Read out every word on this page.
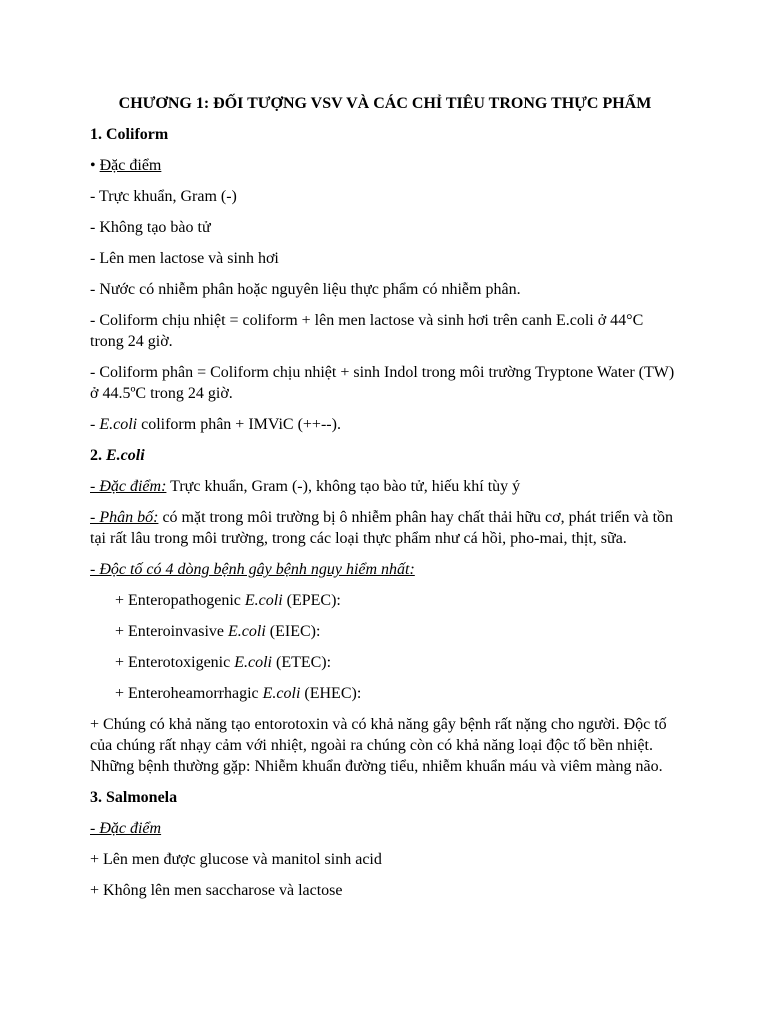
CHƯƠNG 1: ĐỐI TƯỢNG VSV VÀ CÁC CHỈ TIÊU TRONG THỰC PHẨM
1. Coliform
• Đặc điểm
- Trực khuẩn, Gram (-)
- Không tạo bào tử
- Lên men lactose và sinh hơi
- Nước có nhiễm phân hoặc nguyên liệu thực phẩm có nhiễm phân.
- Coliform chịu nhiệt = coliform + lên men lactose và sinh hơi trên canh E.coli ở 44°C trong 24 giờ.
- Coliform phân = Coliform chịu nhiệt + sinh Indol trong môi trường Tryptone Water (TW) ở 44.5ºC trong 24 giờ.
- E.coli coliform phân + IMViC (++--).
2. E.coli
- Đặc điểm: Trực khuẩn, Gram (-), không tạo bào tử, hiếu khí tùy ý
- Phân bố: có mặt trong môi trường bị ô nhiễm phân hay chất thải hữu cơ, phát triển và tồn tại rất lâu trong môi trường, trong các loại thực phẩm như cá hồi, pho-mai, thịt, sữa.
- Độc tố có 4 dòng bệnh gây bệnh nguy hiểm nhất:
+ Enteropathogenic E.coli (EPEC):
+ Enteroinvasive E.coli (EIEC):
+ Enterotoxigenic E.coli (ETEC):
+ Enteroheamorrhagic E.coli (EHEC):
+ Chúng có khả năng tạo entorotoxin và có khả năng gây bệnh rất nặng cho người. Độc tố của chúng rất nhạy cảm với nhiệt, ngoài ra chúng còn có khả năng loại độc tố bền nhiệt. Những bệnh thường gặp: Nhiễm khuẩn đường tiểu, nhiễm khuẩn máu và viêm màng não.
3. Salmonela
- Đặc điểm
+ Lên men được glucose và manitol sinh acid
+ Không lên men saccharose và lactose
